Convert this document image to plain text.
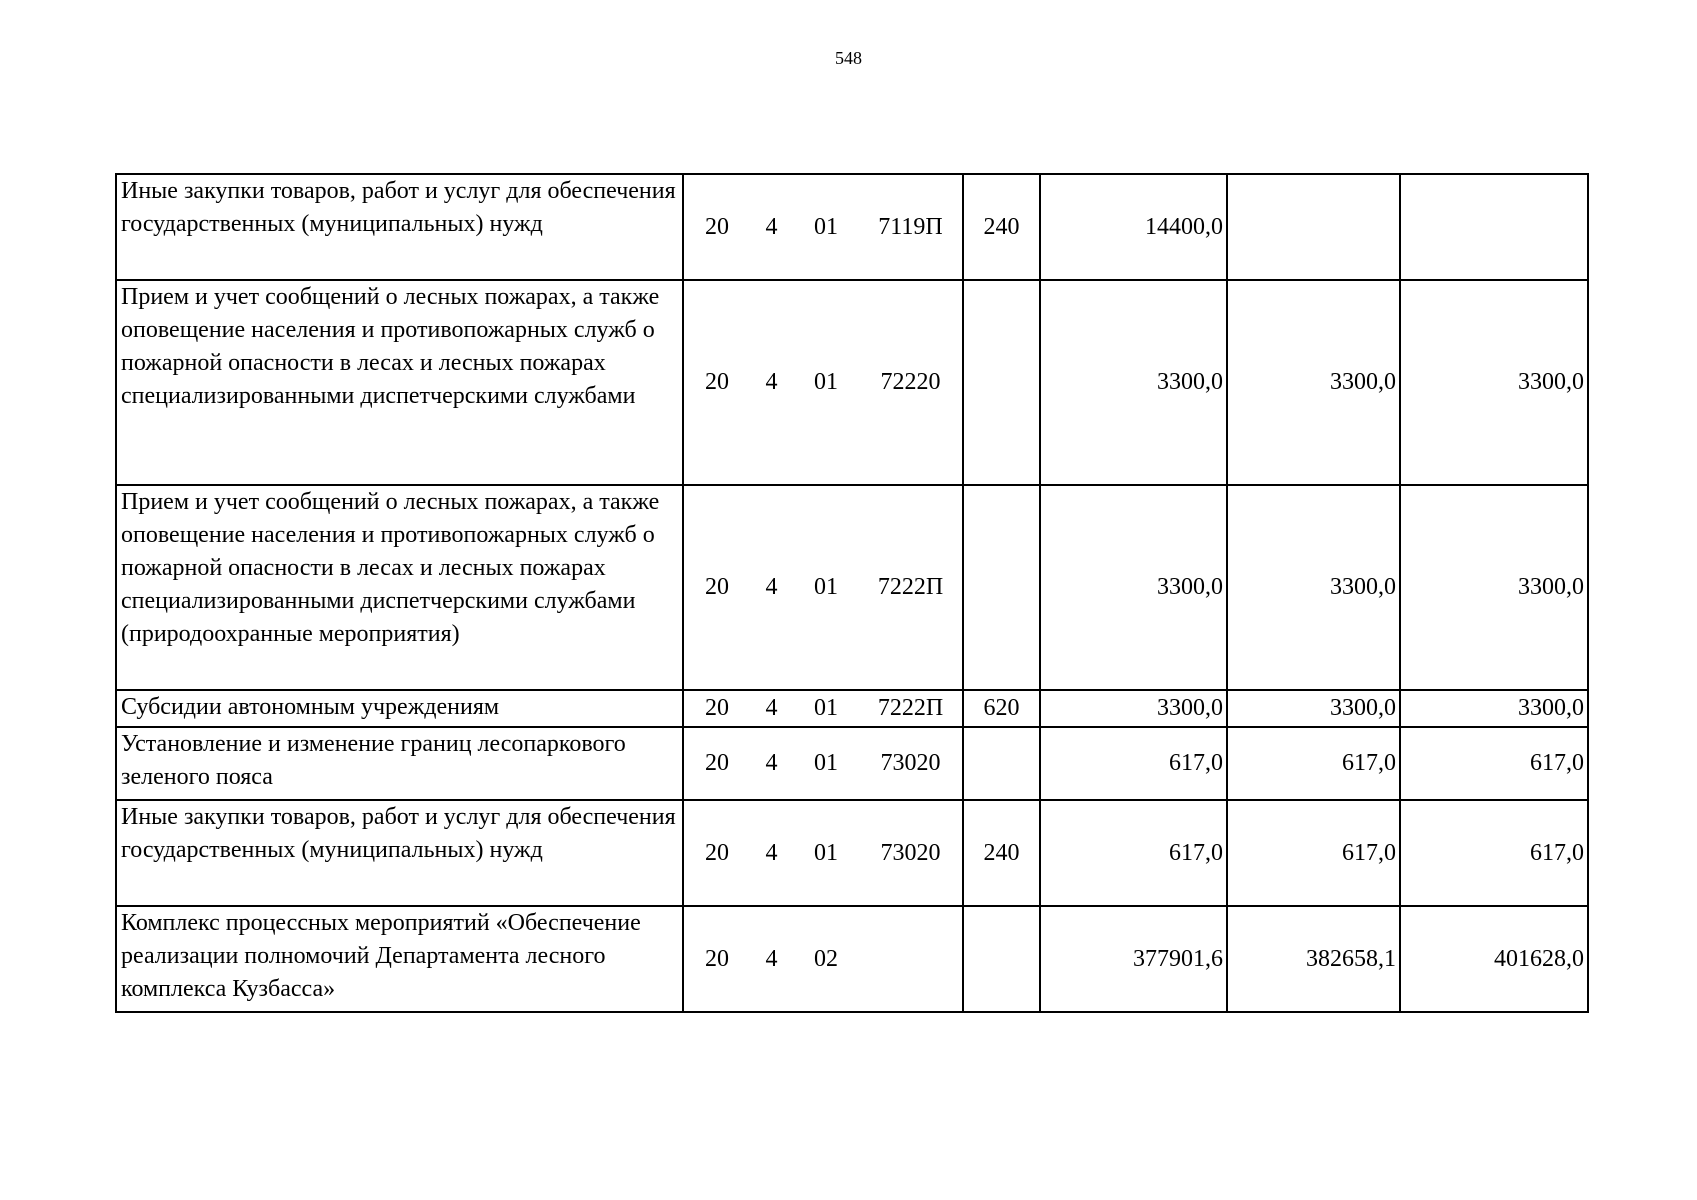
548
Иные закупки товаров, работ и услуг для обеспечения государственных (муниципальных) нужд	20	4	01	7119П	240	14400,0		
Прием и учет сообщений о лесных пожарах, а также оповещение населения и противопожарных служб о пожарной опасности в лесах и лесных пожарах специализированными диспетчерскими службами	20	4	01	72220		3300,0	3300,0	3300,0
Прием и учет сообщений о лесных пожарах, а также оповещение населения и противопожарных служб о пожарной опасности в лесах и лесных пожарах специализированными диспетчерскими службами (природоохранные мероприятия)	20	4	01	7222П		3300,0	3300,0	3300,0
Субсидии автономным учреждениям	20	4	01	7222П	620	3300,0	3300,0	3300,0
Установление и изменение границ лесопаркового зеленого пояса	20	4	01	73020		617,0	617,0	617,0
Иные закупки товаров, работ и услуг для обеспечения государственных (муниципальных) нужд	20	4	01	73020	240	617,0	617,0	617,0
Комплекс процессных мероприятий «Обеспечение реализации полномочий Департамента лесного комплекса Кузбасса»	20	4	02			377901,6	382658,1	401628,0
